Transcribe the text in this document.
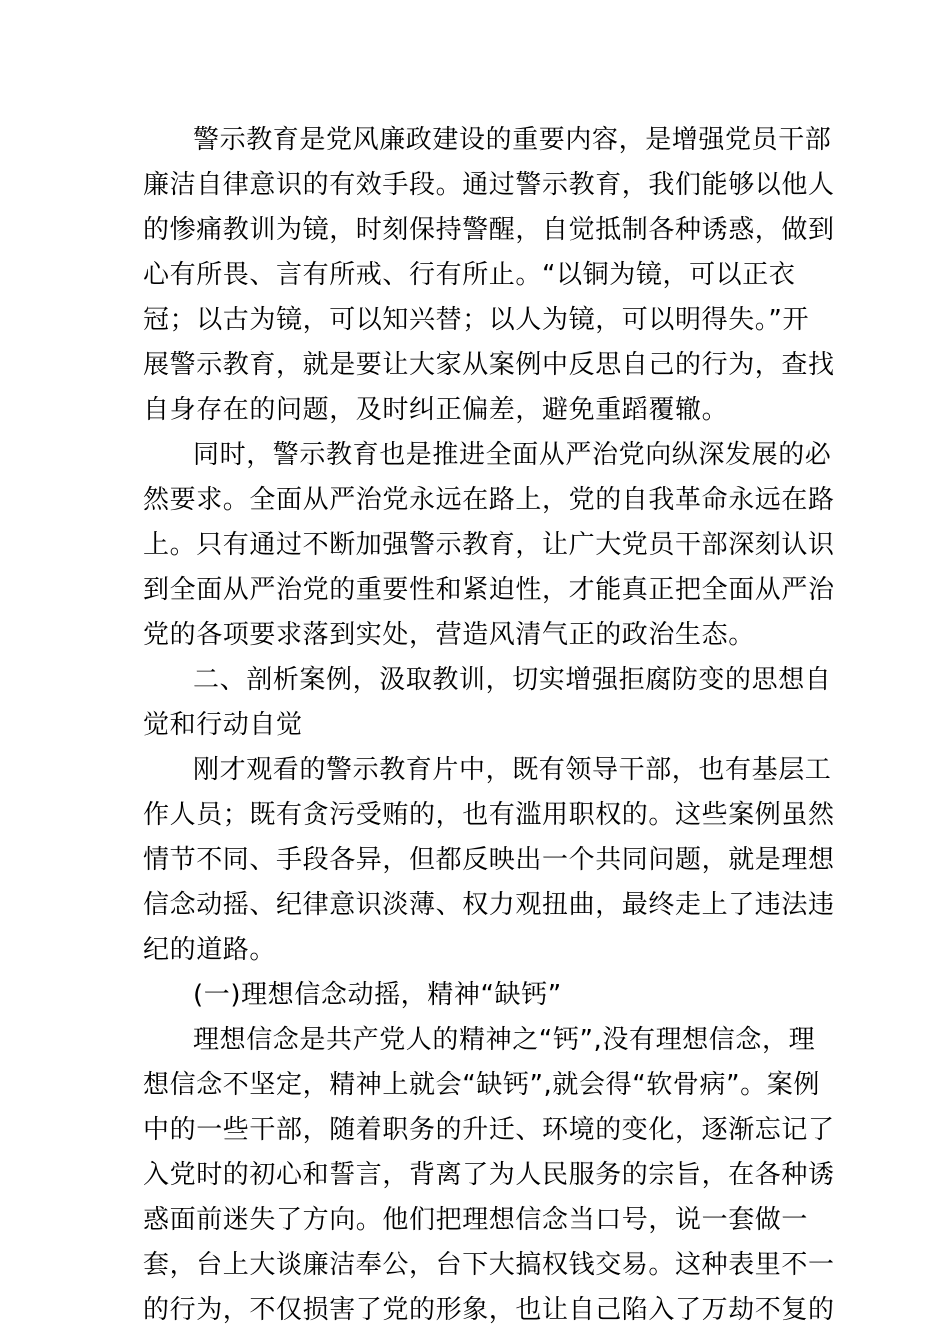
警示教育是党风廉政建设的重要内容，是增强党员干部
廉洁自律意识的有效手段。通过警示教育，我们能够以他人
的惨痛教训为镜，时刻保持警醒，自觉抵制各种诱惑，做到
心有所畏、言有所戒、行有所止。“以铜为镜，可以正衣
冠；以古为镜，可以知兴替；以人为镜，可以明得失。”开
展警示教育，就是要让大家从案例中反思自己的行为，查找
自身存在的问题，及时纠正偏差，避免重蹈覆辙。
同时，警示教育也是推进全面从严治党向纵深发展的必
然要求。全面从严治党永远在路上，党的自我革命永远在路
上。只有通过不断加强警示教育，让广大党员干部深刻认识
到全面从严治党的重要性和紧迫性，才能真正把全面从严治
党的各项要求落到实处，营造风清气正的政治生态。
二、剖析案例，汲取教训，切实增强拒腐防变的思想自
觉和行动自觉
刚才观看的警示教育片中，既有领导干部，也有基层工
作人员；既有贪污受贿的，也有滥用职权的。这些案例虽然
情节不同、手段各异，但都反映出一个共同问题，就是理想
信念动摇、纪律意识淡薄、权力观扭曲，最终走上了违法违
纪的道路。
(一)理想信念动摇，精神“缺钙”
理想信念是共产党人的精神之“钙”,没有理想信念，理
想信念不坚定，精神上就会“缺钙”,就会得“软骨病”。案例
中的一些干部，随着职务的升迁、环境的变化，逐渐忘记了
入党时的初心和誓言，背离了为人民服务的宗旨，在各种诱
惑面前迷失了方向。他们把理想信念当口号，说一套做一
套，台上大谈廉洁奉公，台下大搞权钱交易。这种表里不一
的行为，不仅损害了党的形象，也让自己陷入了万劫不复的
